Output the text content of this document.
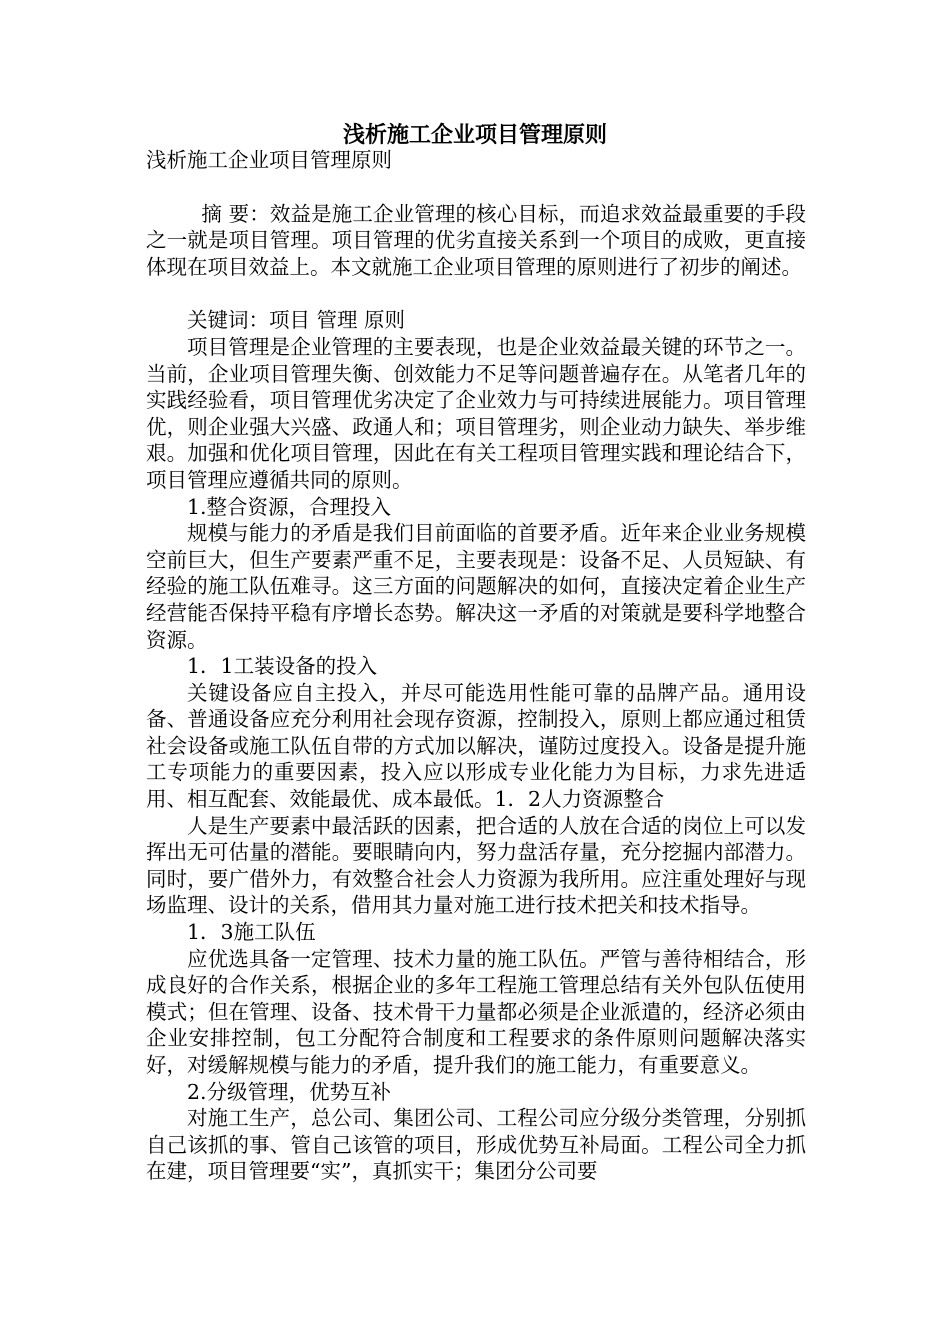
浅析施工企业项目管理原则

浅析施工企业项目管理原则

摘 要：效益是施工企业管理的核心目标，而追求效益最重要的手段之一就是项目管理。项目管理的优劣直接关系到一个项目的成败，更直接体现在项目效益上。本文就施工企业项目管理的原则进行了初步的阐述。

关键词：项目 管理 原则

项目管理是企业管理的主要表现，也是企业效益最关键的环节之一。当前，企业项目管理失衡、创效能力不足等问题普遍存在。从笔者几年的实践经验看，项目管理优劣决定了企业效力与可持续进展能力。项目管理优，则企业强大兴盛、政通人和；项目管理劣，则企业动力缺失、举步维艰。加强和优化项目管理，因此在有关工程项目管理实践和理论结合下，项目管理应遵循共同的原则。

1.整合资源，合理投入

规模与能力的矛盾是我们目前面临的首要矛盾。近年来企业业务规模空前巨大，但生产要素严重不足，主要表现是：设备不足、人员短缺、有经验的施工队伍难寻。这三方面的问题解决的如何，直接决定着企业生产经营能否保持平稳有序增长态势。解决这一矛盾的对策就是要科学地整合资源。

1．1工装设备的投入

关键设备应自主投入，并尽可能选用性能可靠的品牌产品。通用设备、普通设备应充分利用社会现存资源，控制投入，原则上都应通过租赁社会设备或施工队伍自带的方式加以解决，谨防过度投入。设备是提升施工专项能力的重要因素，投入应以形成专业化能力为目标，力求先进适用、相互配套、效能最优、成本最低。1．2人力资源整合

人是生产要素中最活跃的因素，把合适的人放在合适的岗位上可以发挥出无可估量的潜能。要眼睛向内，努力盘活存量，充分挖掘内部潜力。同时，要广借外力，有效整合社会人力资源为我所用。应注重处理好与现场监理、设计的关系，借用其力量对施工进行技术把关和技术指导。

1．3施工队伍

应优选具备一定管理、技术力量的施工队伍。严管与善待相结合，形成良好的合作关系，根据企业的多年工程施工管理总结有关外包队伍使用模式；但在管理、设备、技术骨干力量都必须是企业派遣的，经济必须由企业安排控制，包工分配符合制度和工程要求的条件原则问题解决落实好，对缓解规模与能力的矛盾，提升我们的施工能力，有重要意义。

2.分级管理，优势互补

对施工生产，总公司、集团公司、工程公司应分级分类管理，分别抓自己该抓的事、管自己该管的项目，形成优势互补局面。工程公司全力抓在建，项目管理要“实”，真抓实干；集团分公司要
